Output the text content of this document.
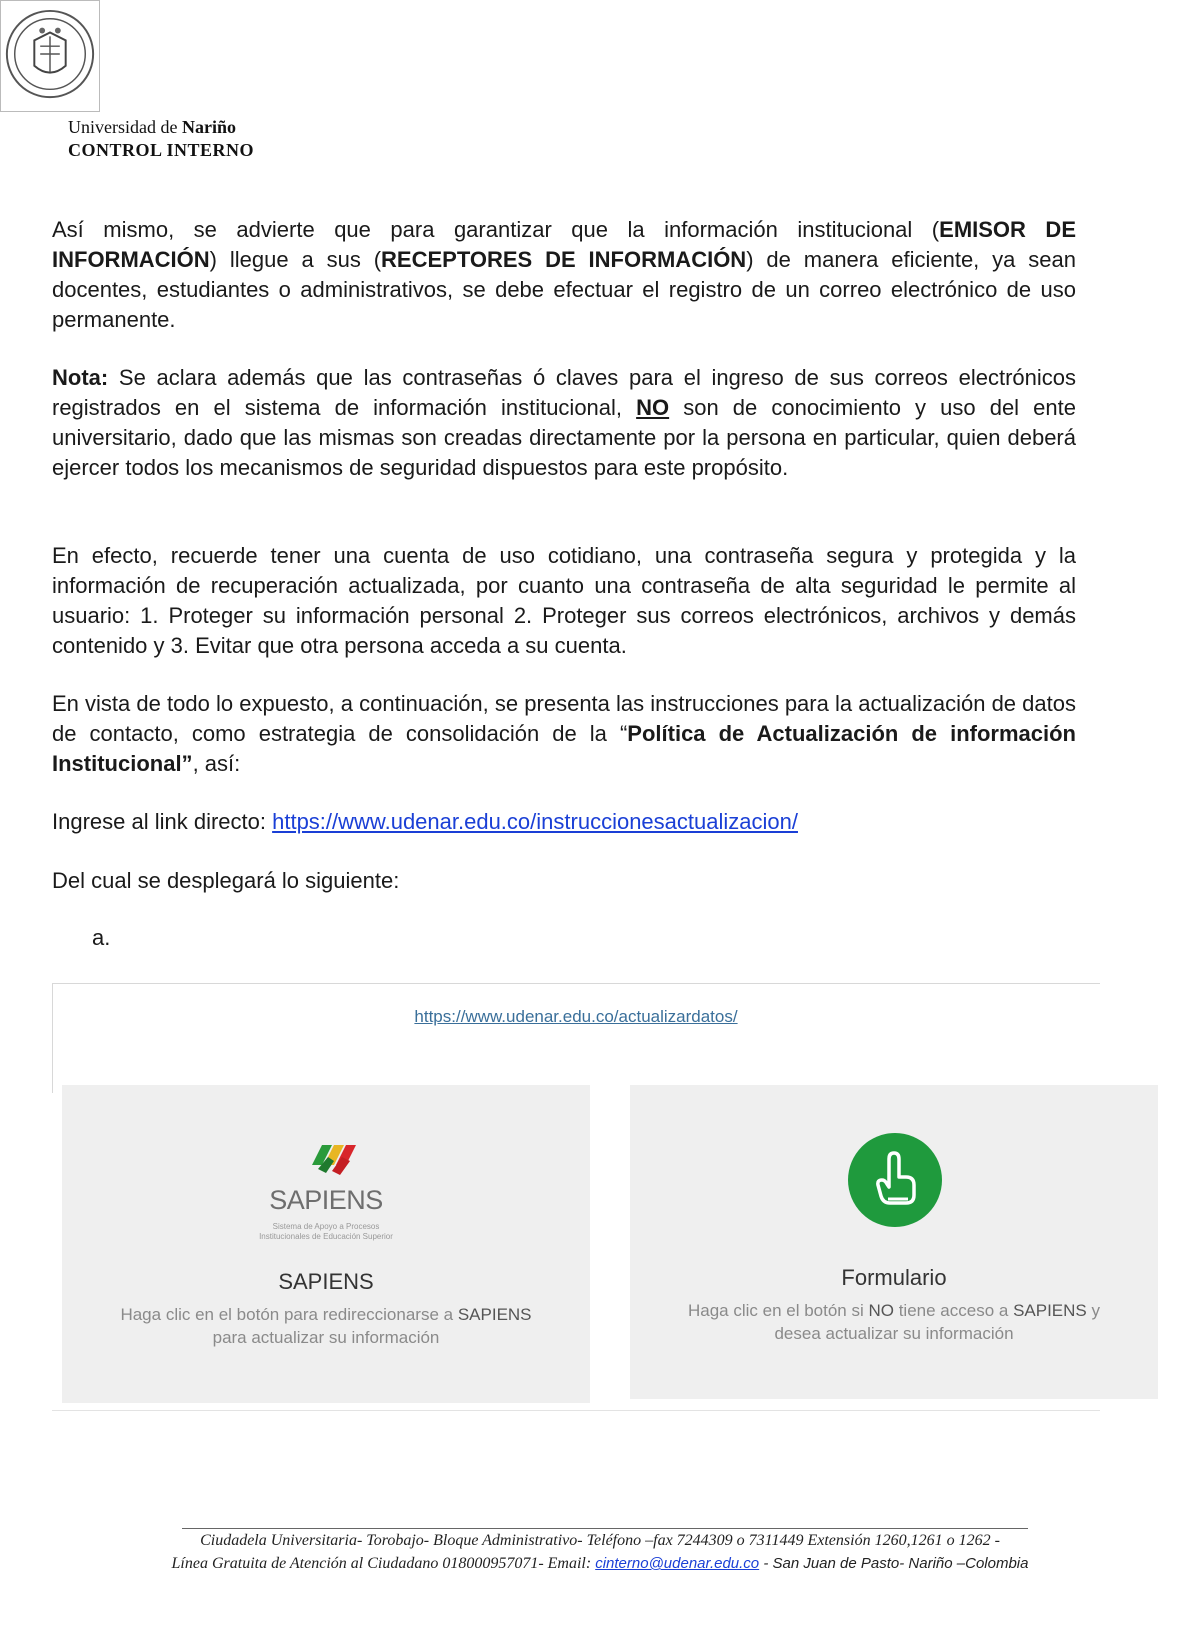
Universidad de Nariño
CONTROL INTERNO
Así mismo, se advierte que para garantizar que la información institucional (EMISOR DE INFORMACIÓN) llegue a sus (RECEPTORES DE INFORMACIÓN) de manera eficiente, ya sean docentes, estudiantes o administrativos, se debe efectuar el registro de un correo electrónico de uso permanente.
Nota: Se aclara además que las contraseñas ó claves para el ingreso de sus correos electrónicos registrados en el sistema de información institucional, NO son de conocimiento y uso del ente universitario, dado que las mismas son creadas directamente por la persona en particular, quien deberá ejercer todos los mecanismos de seguridad dispuestos para este propósito.
En efecto, recuerde tener una cuenta de uso cotidiano, una contraseña segura y protegida y la información de recuperación actualizada, por cuanto una contraseña de alta seguridad le permite al usuario: 1. Proteger su información personal 2. Proteger sus correos electrónicos, archivos y demás contenido y 3. Evitar que otra persona acceda a su cuenta.
En vista de todo lo expuesto, a continuación, se presenta las instrucciones para la actualización de datos de contacto, como estrategia de consolidación de la “Política de Actualización de información Institucional”, así:
Ingrese al link directo: https://www.udenar.edu.co/instruccionesactualizacion/
Del cual se desplegará lo siguiente:
a.
https://www.udenar.edu.co/actualizardatos/
SAPIENS
Sistema de Apoyo a Procesos
Institucionales de Educación Superior
SAPIENS
Haga clic en el botón para redireccionarse a SAPIENS para actualizar su información
Formulario
Haga clic en el botón si NO tiene acceso a SAPIENS y desea actualizar su información
Ciudadela Universitaria- Torobajo- Bloque Administrativo- Teléfono –fax 7244309 o 7311449 Extensión 1260,1261 o 1262 -
Línea Gratuita de Atención al Ciudadano 018000957071- Email: cinterno@udenar.edu.co - San Juan de Pasto- Nariño –Colombia
